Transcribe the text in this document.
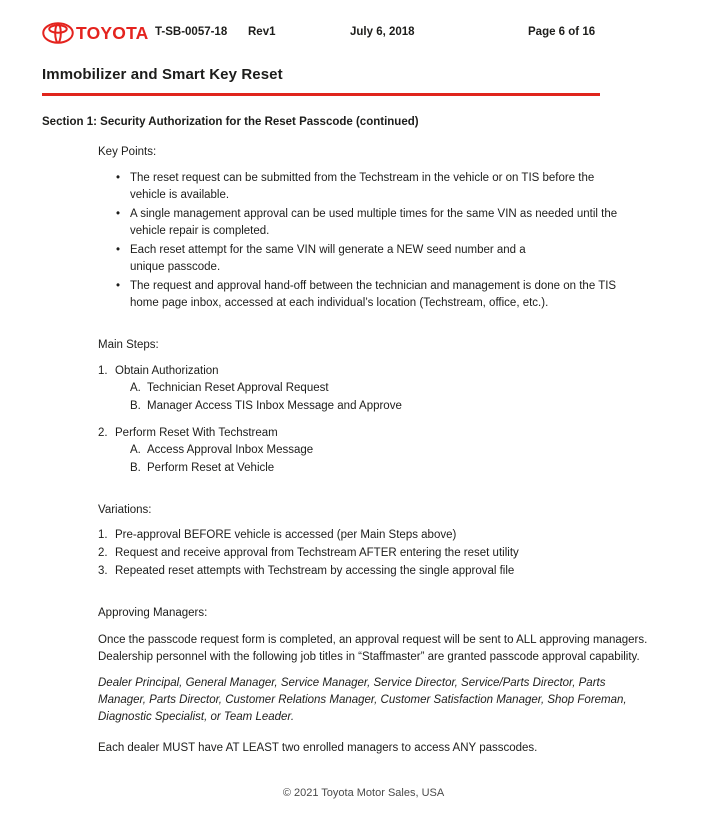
TOYOTA T-SB-0057-18 Rev1	July 6, 2018	Page 6 of 16
Immobilizer and Smart Key Reset
Section 1: Security Authorization for the Reset Passcode (continued)

Key Points:

• The reset request can be submitted from the Techstream in the vehicle or on TIS before the vehicle is available.
• A single management approval can be used multiple times for the same VIN as needed until the vehicle repair is completed.
• Each reset attempt for the same VIN will generate a NEW seed number and a unique passcode.
• The request and approval hand-off between the technician and management is done on the TIS home page inbox, accessed at each individual’s location (Techstream, office, etc.).

Main Steps:

1. Obtain Authorization
A. Technician Reset Approval Request
B. Manager Access TIS Inbox Message and Approve
2. Perform Reset With Techstream
A. Access Approval Inbox Message
B. Perform Reset at Vehicle

Variations:

1. Pre-approval BEFORE vehicle is accessed (per Main Steps above)
2. Request and receive approval from Techstream AFTER entering the reset utility
3. Repeated reset attempts with Techstream by accessing the single approval file

Approving Managers:

Once the passcode request form is completed, an approval request will be sent to ALL approving managers. Dealership personnel with the following job titles in “Staffmaster” are granted passcode approval capability.

Dealer Principal, General Manager, Service Manager, Service Director, Service/Parts Director, Parts Manager, Parts Director, Customer Relations Manager, Customer Satisfaction Manager, Shop Foreman, Diagnostic Specialist, or Team Leader.

Each dealer MUST have AT LEAST two enrolled managers to access ANY passcodes.

© 2021 Toyota Motor Sales, USA
